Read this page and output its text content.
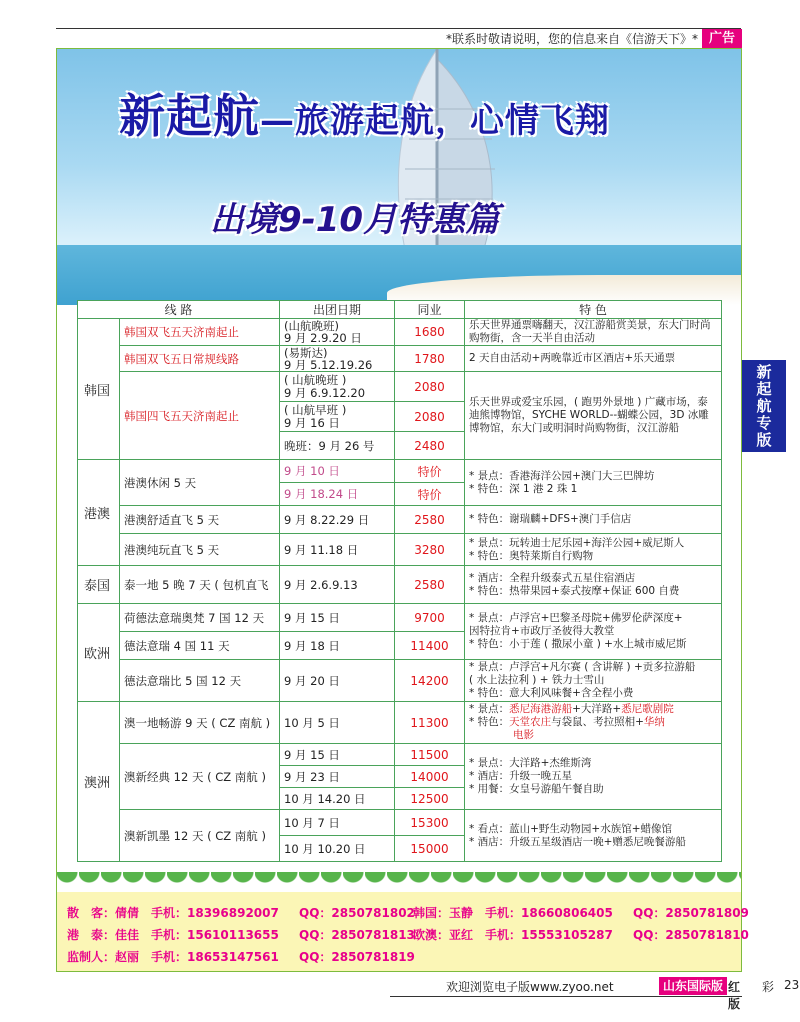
*联系时敬请说明，您的信息来自《信游天下》* 广告
新起航—旅游起航，心情飞翔
出境9-10月特惠篇
新起航专版
线 路		出团日期	同业	特 色
韩国	韩国双飞五天济南起止	(山航晚班)
9 月 2.9.20 日	1680	乐天世界通票嗨翻天，汉江游船赏美景，东大门时尚购物街，含一天半自由活动
	韩国双飞五日常规线路	(易斯达)
9 月 5.12.19.26	1780	2 天自由活动+两晚靠近市区酒店+乐天通票
	韩国四飞五天济南起止	( 山航晚班 )
9 月 6.9.12.20	2080	乐天世界或爱宝乐园，( 跑男外景地 ) 广藏市场，泰迪熊博物馆，SYCHE WORLD--蝴蝶公园，3D 冰雕博物馆，东大门或明洞时尚购物街，汉江游船
		( 山航早班 )
9 月 16 日	2080	
		晚班：9 月 26 号	2480	
港澳	港澳休闲 5 天	9 月 10 日	特价	* 景点：香港海洋公园+澳门大三巴牌坊
* 特色：深 1 港 2 珠 1
		9 月 18.24 日	特价	
	港澳舒适直飞 5 天	9 月 8.22.29 日	2580	* 特色：谢瑞麟+DFS+澳门手信店
	港澳纯玩直飞 5 天	9 月 11.18 日	3280	* 景点：玩转迪士尼乐园+海洋公园+威尼斯人
* 特色：奥特莱斯自行购物
泰国	泰一地 5 晚 7 天 ( 包机直飞	9 月 2.6.9.13	2580	* 酒店：全程升级泰式五星住宿酒店
* 特色：热带果园+泰式按摩+保证 600 自费
欧洲	荷德法意瑞奥梵 7 国 12 天	9 月 15 日	9700	* 景点：卢浮宫+巴黎圣母院+佛罗伦萨深度+
因特拉肯+市政厅圣彼得大教堂
* 特色：小于莲 ( 撒尿小童 ) +水上城市威尼斯
	德法意瑞 4 国 11 天	9 月 18 日	11400	
	德法意瑞比 5 国 12 天	9 月 20 日	14200	* 景点：卢浮宫+凡尔赛 ( 含讲解 ) +贡多拉游船
( 水上法拉利 ) + 铁力士雪山
* 特色：意大利风味餐+含全程小费
澳洲	澳一地畅游 9 天 ( CZ 南航 )	10 月 5 日	11300	* 景点：悉尼海港游船+大洋路+悉尼歌剧院
* 特色：天堂农庄与袋鼠、考拉照相+华纳
电影

	澳新经典 12 天 ( CZ 南航 )	9 月 15 日	11500	* 景点：大洋路+杰维斯湾
* 酒店：升级一晚五星
* 用餐：女皇号游船午餐自助
		9 月 23 日	14000	
		10 月 14.20 日	12500	
	澳新凯墨 12 天 ( CZ 南航 )	10 月 7 日	15300	* 看点：蓝山+野生动物园+水族馆+蜡像馆
* 酒店：升级五星级酒店一晚+赠悉尼晚餐游船
		10 月 10.20 日	15000	
散　客：倩倩　手机：18396892007 QQ：2850781802
韩国：玉静　手机：18660806405 QQ：2850781809
港　泰：佳佳　手机：15610113655 QQ：2850781813
欧澳：亚红　手机：15553105287 QQ：2850781810
监制人：赵丽　手机：18653147561 QQ：2850781819
欢迎浏览电子版www.zyoo.net	山东国际版 红版
彩 23
